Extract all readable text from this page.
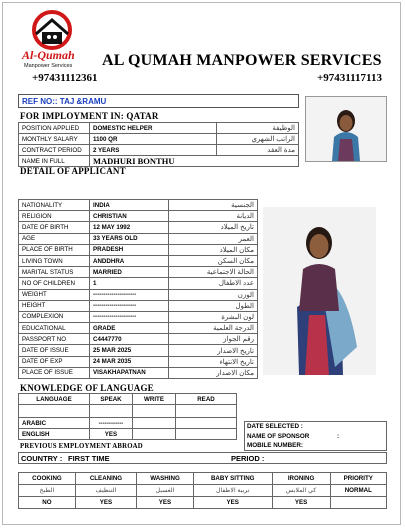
Al-Qumah
Manpower Services AL QUMAH MANPOWER SERVICES
+97431112361	+97431117113
REF NO:: TAJ &RAMU
FOR IMPLOYMENT IN: QATAR
POSITION APPLIED	DOMESTIC HELPER	الوظيفة
MONTHLY SALARY	1100 QR	الراتب الشهري
CONTRACT PERIOD	2 YEARS	مدة العقد
NAME IN FULL	MADHURI BONTHU	
DETAIL OF APPLICANT
NATIONALITY	INDIA	الجنسية
RELIGION	CHRISTIAN	الديانة
DATE OF BIRTH	12 MAY 1992	تاريخ الميلاد
AGE	33 YEARS OLD	العمر
PLACE OF BIRTH	PRADESH	مكان الميلاد
LIVING TOWN	ANDDHRA	مكان السكن
MARITAL STATUS	MARRIED	الحالة الاجتماعية
NO OF CHILDREN	1	عدد الاطفال
WEIGHT	---------------------	الوزن
HEIGHT	---------------------	الطول
COMPLEXION	---------------------	لون البشرة
EDUCATIONAL	GRADE	الدرجة العلمية
PASSPORT NO	C4447770	رقم الجواز
DATE OF ISSUE	25 MAR 2025	تاريخ الاصدار
DATE OF EXP	24 MAR 2035	تاريخ الانتهاء
PLACE OF ISSUE	VISAKHAPATNAN	مكان الاصدار
KNOWLEDGE OF LANGUAGE
LANGUAGE	SPEAK	WRITE	READ

ARABIC	------------		
ENGLISH	YES		
DATE SELECTED :
NAME OF SPONSOR	:
MOBILE NUMBER:
PREVIOUS EMPLOYMENT ABROAD
COUNTRY : FIRST TIME	PERIOD :
COOKING	CLEANING	WASHING	BABY SITTING	IRONING	PRIORITY
الطبخ	التنظيف	الغسيل	تربية الاطفال	كي الملابس	NORMAL
NO	YES	YES	YES	YES	
